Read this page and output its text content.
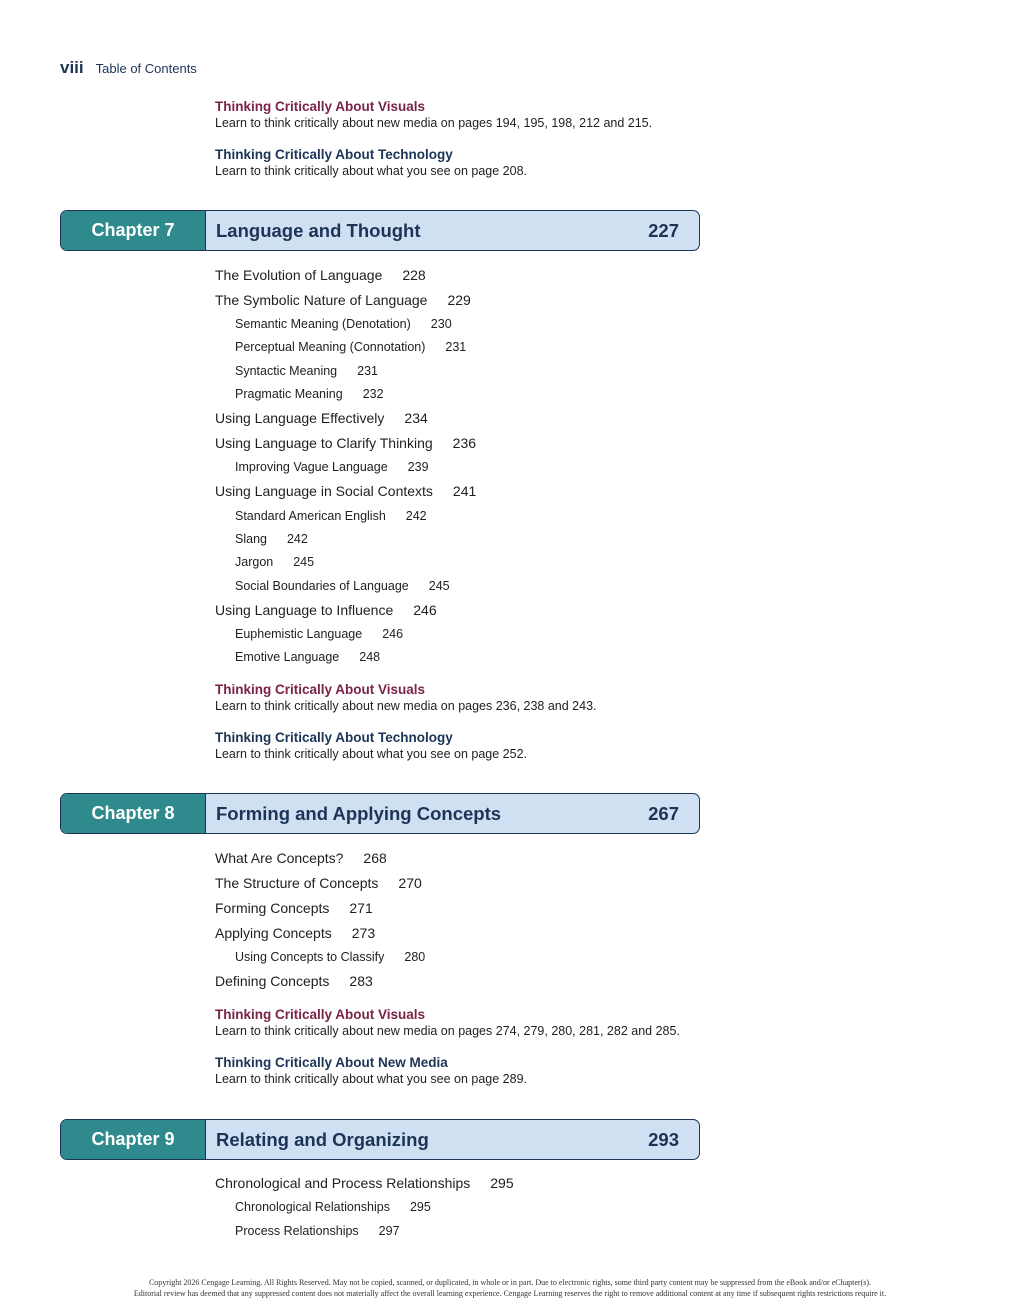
viii Table of Contents
Thinking Critically About Visuals
Learn to think critically about new media on pages 194, 195, 198, 212 and 215.
Thinking Critically About Technology
Learn to think critically about what you see on page 208.
Chapter 7	Language and Thought	227
The Evolution of Language 228
The Symbolic Nature of Language 229
Semantic Meaning (Denotation) 230
Perceptual Meaning (Connotation) 231
Syntactic Meaning 231
Pragmatic Meaning 232
Using Language Effectively 234
Using Language to Clarify Thinking 236
Improving Vague Language 239
Using Language in Social Contexts 241
Standard American English 242
Slang 242
Jargon 245
Social Boundaries of Language 245
Using Language to Influence 246
Euphemistic Language 246
Emotive Language 248
Thinking Critically About Visuals
Learn to think critically about new media on pages 236, 238 and 243.
Thinking Critically About Technology
Learn to think critically about what you see on page 252.
Chapter 8	Forming and Applying Concepts	267
What Are Concepts? 268
The Structure of Concepts 270
Forming Concepts 271
Applying Concepts 273
Using Concepts to Classify 280
Defining Concepts 283
Thinking Critically About Visuals
Learn to think critically about new media on pages 274, 279, 280, 281, 282 and 285.
Thinking Critically About New Media
Learn to think critically about what you see on page 289.
Chapter 9	Relating and Organizing	293
Chronological and Process Relationships 295
Chronological Relationships 295
Process Relationships 297
Copyright 2026 Cengage Learning. All Rights Reserved. May not be copied, scanned, or duplicated, in whole or in part. Due to electronic rights, some third party content may be suppressed from the eBook and/or eChapter(s).
Editorial review has deemed that any suppressed content does not materially affect the overall learning experience. Cengage Learning reserves the right to remove additional content at any time if subsequent rights restrictions require it.
